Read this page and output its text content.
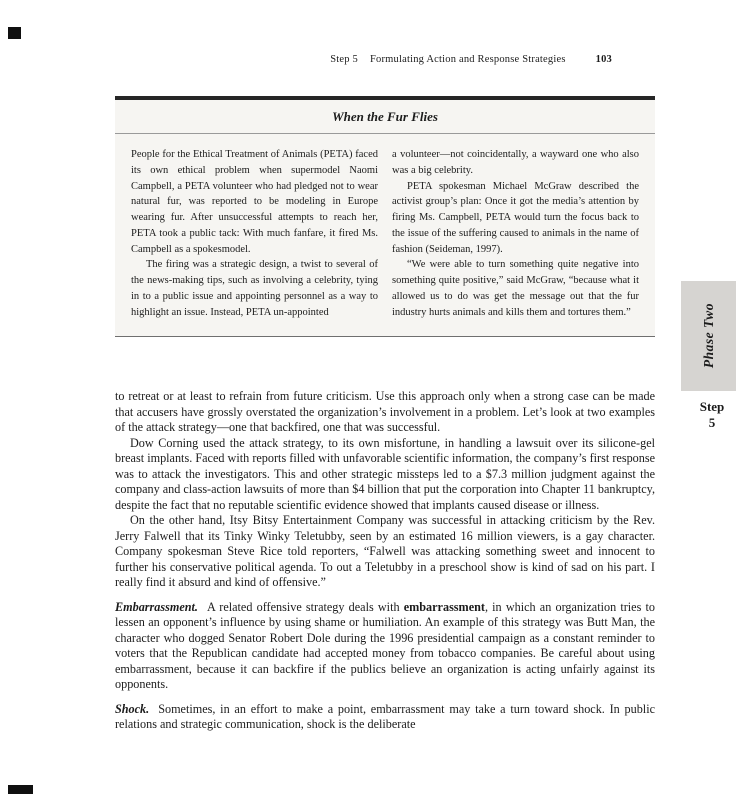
Step 5 Formulating Action and Response Strategies	103
When the Fur Flies

People for the Ethical Treatment of Animals (PETA) faced its own ethical problem when supermodel Naomi Campbell, a PETA volunteer who had pledged not to wear natural fur, was reported to be modeling in Europe wearing fur. After unsuccessful attempts to reach her, PETA took a public tack: With much fanfare, it fired Ms. Campbell as a spokesmodel.

The firing was a strategic design, a twist to several of the news-making tips, such as involving a celebrity, tying in to a public issue and appointing personnel as a way to highlight an issue. Instead, PETA un-appointed

a volunteer—not coincidentally, a wayward one who also was a big celebrity.

PETA spokesman Michael McGraw described the activist group’s plan: Once it got the media’s attention by firing Ms. Campbell, PETA would turn the focus back to the issue of the suffering caused to animals in the name of fashion (Seideman, 1997).

“We were able to turn something quite negative into something quite positive,” said McGraw, “because what it allowed us to do was get the message out that the fur industry hurts animals and kills them and tortures them.”	Phase Two
Step
5

to retreat or at least to refrain from future criticism. Use this approach only when a strong case can be made that accusers have grossly overstated the organization’s involvement in a problem. Let’s look at two examples of the attack strategy—one that backfired, one that was successful.

Dow Corning used the attack strategy, to its own misfortune, in handling a lawsuit over its silicone-gel breast implants. Faced with reports filled with unfavorable scientific information, the company’s first response was to attack the investigators. This and other strategic missteps led to a $7.3 million judgment against the company and class-action lawsuits of more than $4 billion that put the corporation into Chapter 11 bankruptcy, despite the fact that no reputable scientific evidence showed that implants caused disease or illness.

On the other hand, Itsy Bitsy Entertainment Company was successful in attacking criticism by the Rev. Jerry Falwell that its Tinky Winky Teletubby, seen by an estimated 16 million viewers, is a gay character. Company spokesman Steve Rice told reporters, “Falwell was attacking something sweet and innocent to further his conservative political agenda. To out a Teletubby in a preschool show is kind of sad on his part. I really find it absurd and kind of offensive.”

Embarrassment. A related offensive strategy deals with embarrassment, in which an organization tries to lessen an opponent’s influence by using shame or humiliation. An example of this strategy was Butt Man, the character who dogged Senator Robert Dole during the 1996 presidential campaign as a constant reminder to voters that the Republican candidate had accepted money from tobacco companies. Be careful about using embarrassment, because it can backfire if the publics believe an organization is acting unfairly against its opponents.

Shock. Sometimes, in an effort to make a point, embarrassment may take a turn toward shock. In public relations and strategic communication, shock is the deliberate
